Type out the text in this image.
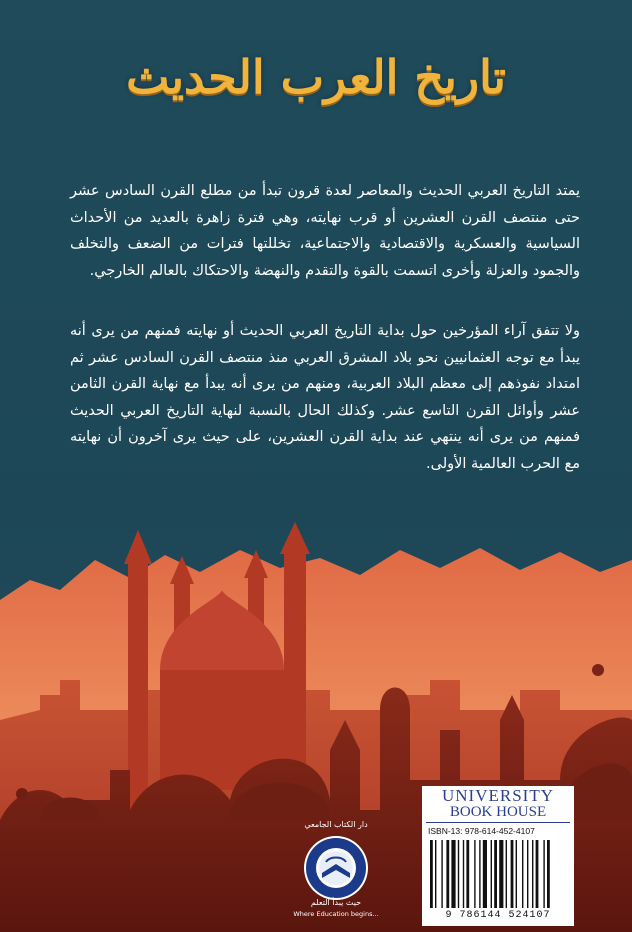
تاريخ العرب الحديث

يمتد التاريخ العربي الحديث والمعاصر لعدة قرون تبدأ من مطلع القرن السادس عشر حتى منتصف القرن العشرين أو قرب نهايته، وهي فترة زاهرة بالعديد من الأحداث السياسية والعسكرية والاقتصادية والاجتماعية، تخللتها فترات من الضعف والتخلف والجمود والعزلة وأخرى اتسمت بالقوة والتقدم والنهضة والاحتكاك بالعالم الخارجي.

ولا تتفق آراء المؤرخين حول بداية التاريخ العربي الحديث أو نهايته فمنهم من يرى أنه يبدأ مع توجه العثمانيين نحو بلاد المشرق العربي منذ منتصف القرن السادس عشر ثم امتداد نفوذهم إلى معظم البلاد العربية، ومنهم من يرى أنه يبدأ مع نهاية القرن الثامن عشر وأوائل القرن التاسع عشر. وكذلك الحال بالنسبة لنهاية التاريخ العربي الحديث فمنهم من يرى أنه ينتهي عند بداية القرن العشرين، على حيث يرى آخرون أن نهايته مع الحرب العالمية الأولى.

دار الكتاب الجامعي
حيث يبدأ التعلم
Where Education begins...
UNIVERSITY
BOOK HOUSE
ISBN-13: 978-614-452-4107
9 786144 524107
